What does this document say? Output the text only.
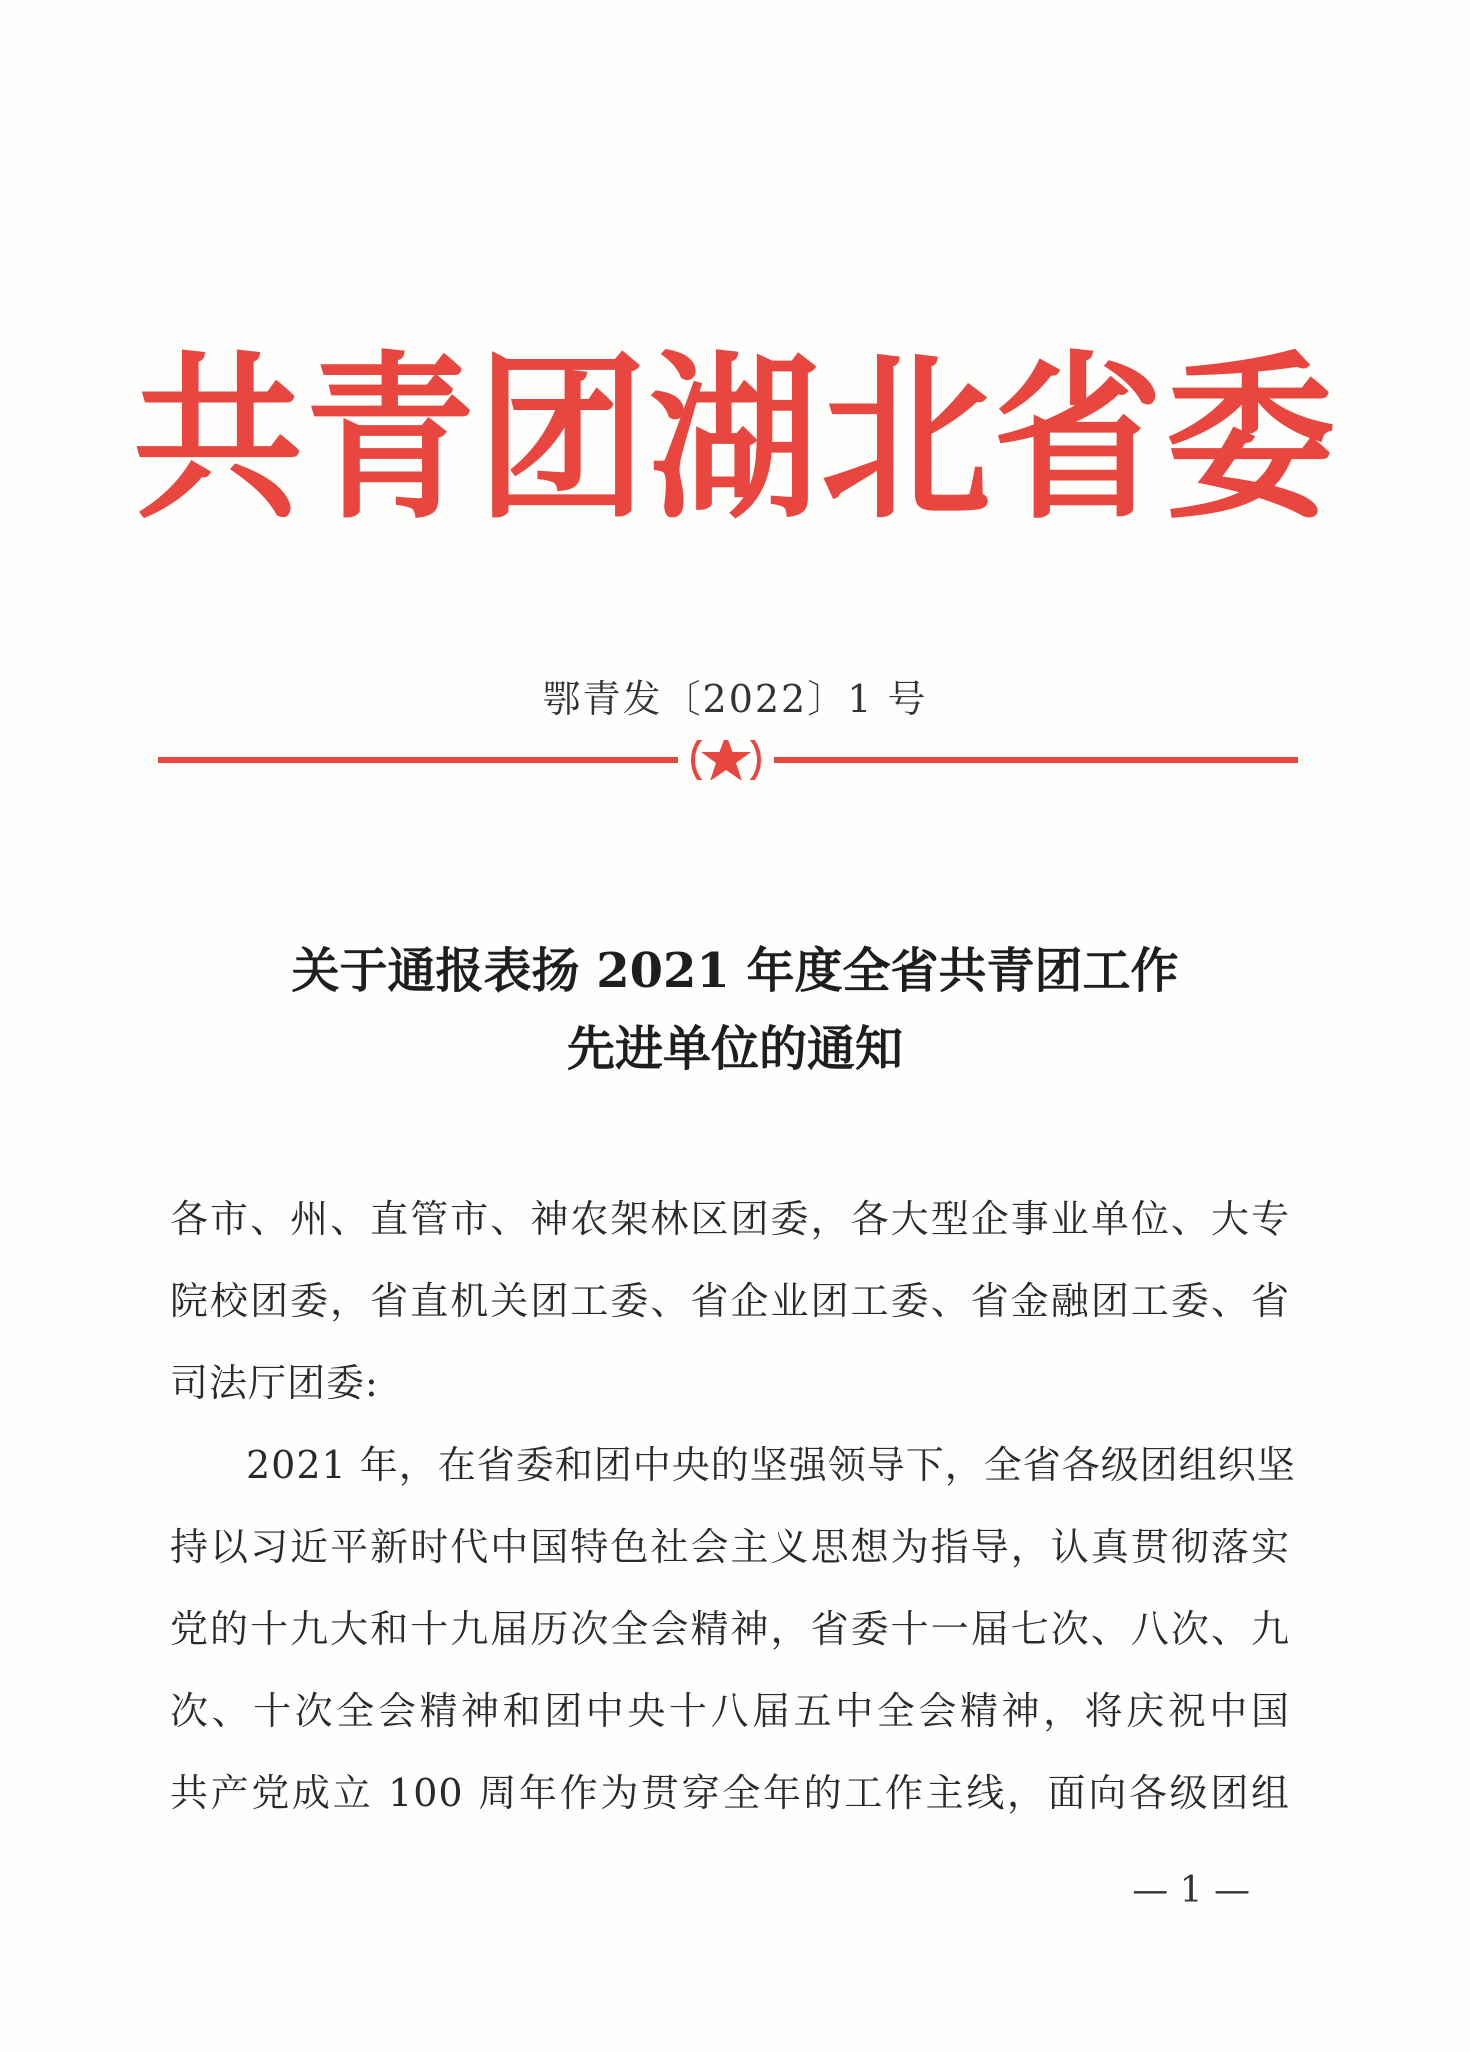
共青团湖北省委
鄂青发〔2022〕1 号
关于通报表扬 2021 年度全省共青团工作
先进单位的通知
各市、州、直管市、神农架林区团委，各大型企事业单位、大专
院校团委，省直机关团工委、省企业团工委、省金融团工委、省
司法厅团委:
2021 年，在省委和团中央的坚强领导下，全省各级团组织坚
持以习近平新时代中国特色社会主义思想为指导，认真贯彻落实
党的十九大和十九届历次全会精神，省委十一届七次、八次、九
次、十次全会精神和团中央十八届五中全会精神，将庆祝中国
共产党成立 100 周年作为贯穿全年的工作主线，面向各级团组
— 1 —
